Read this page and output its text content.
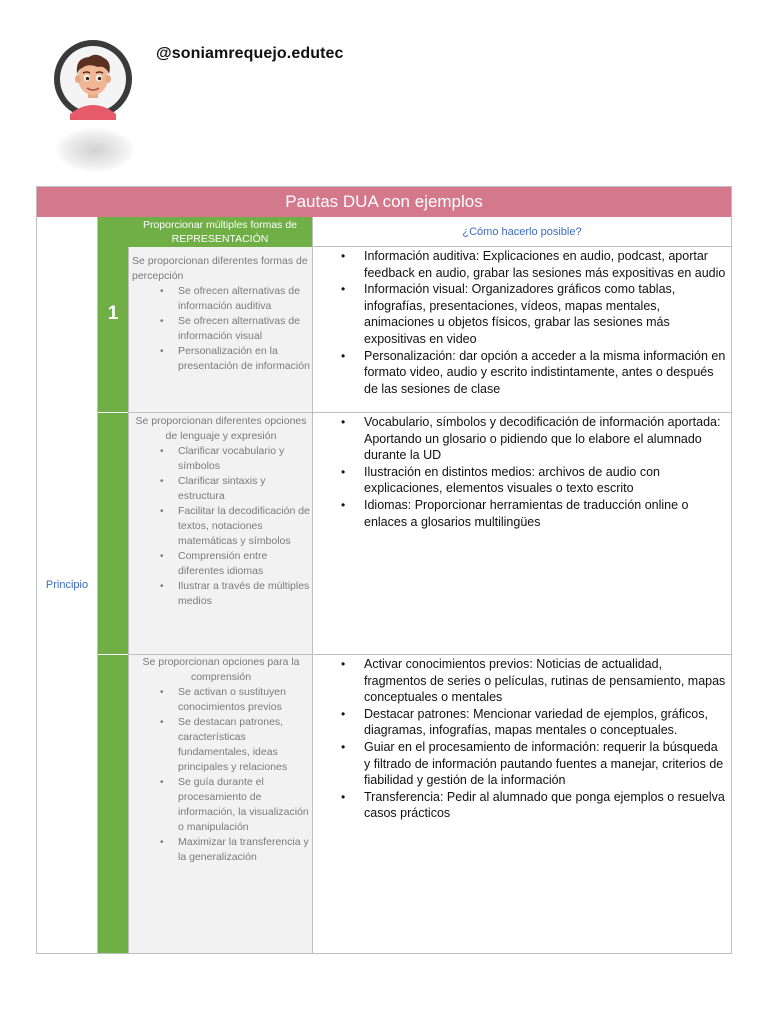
@soniamrequejo.edutec
Pautas DUA con ejemplos
Principio
1
Proporcionar múltiples formas de REPRESENTACIÓN
¿Cómo hacerlo posible?
Se proporcionan diferentes formas de percepción
• Se ofrecen alternativas de información auditiva
• Se ofrecen alternativas de información visual
• Personalización en la presentación de información
• Información auditiva: Explicaciones en audio, podcast, aportar feedback en audio, grabar las sesiones más expositivas en audio
• Información visual: Organizadores gráficos como tablas, infografías, presentaciones, vídeos, mapas mentales, animaciones u objetos físicos, grabar las sesiones más expositivas en video
• Personalización: dar opción a acceder a la misma información en formato video, audio y escrito indistintamente, antes o después de las sesiones de clase
Se proporcionan diferentes opciones de lenguaje y expresión
• Clarificar vocabulario y símbolos
• Clarificar sintaxis y estructura
• Facilitar la decodificación de textos, notaciones matemáticas y símbolos
• Comprensión entre diferentes idiomas
• Ilustrar a través de múltiples medios
• Vocabulario, símbolos y decodificación de información aportada: Aportando un glosario o pidiendo que lo elabore el alumnado durante la UD
• Ilustración en distintos medios: archivos de audio con explicaciones, elementos visuales o texto escrito
• Idiomas: Proporcionar herramientas de traducción online o enlaces a glosarios multilingües
Se proporcionan opciones para la comprensión
• Se activan o sustituyen conocimientos previos
• Se destacan patrones, características fundamentales, ideas principales y relaciones
• Se guía durante el procesamiento de información, la visualización o manipulación
• Maximizar la transferencia y la generalización
• Activar conocimientos previos: Noticias de actualidad, fragmentos de series o películas, rutinas de pensamiento, mapas conceptuales o mentales
• Destacar patrones: Mencionar variedad de ejemplos, gráficos, diagramas, infografías, mapas mentales o conceptuales.
• Guiar en el procesamiento de información: requerir la búsqueda y filtrado de información pautando fuentes a manejar, criterios de fiabilidad y gestión de la información
• Transferencia: Pedir al alumnado que ponga ejemplos o resuelva casos prácticos
